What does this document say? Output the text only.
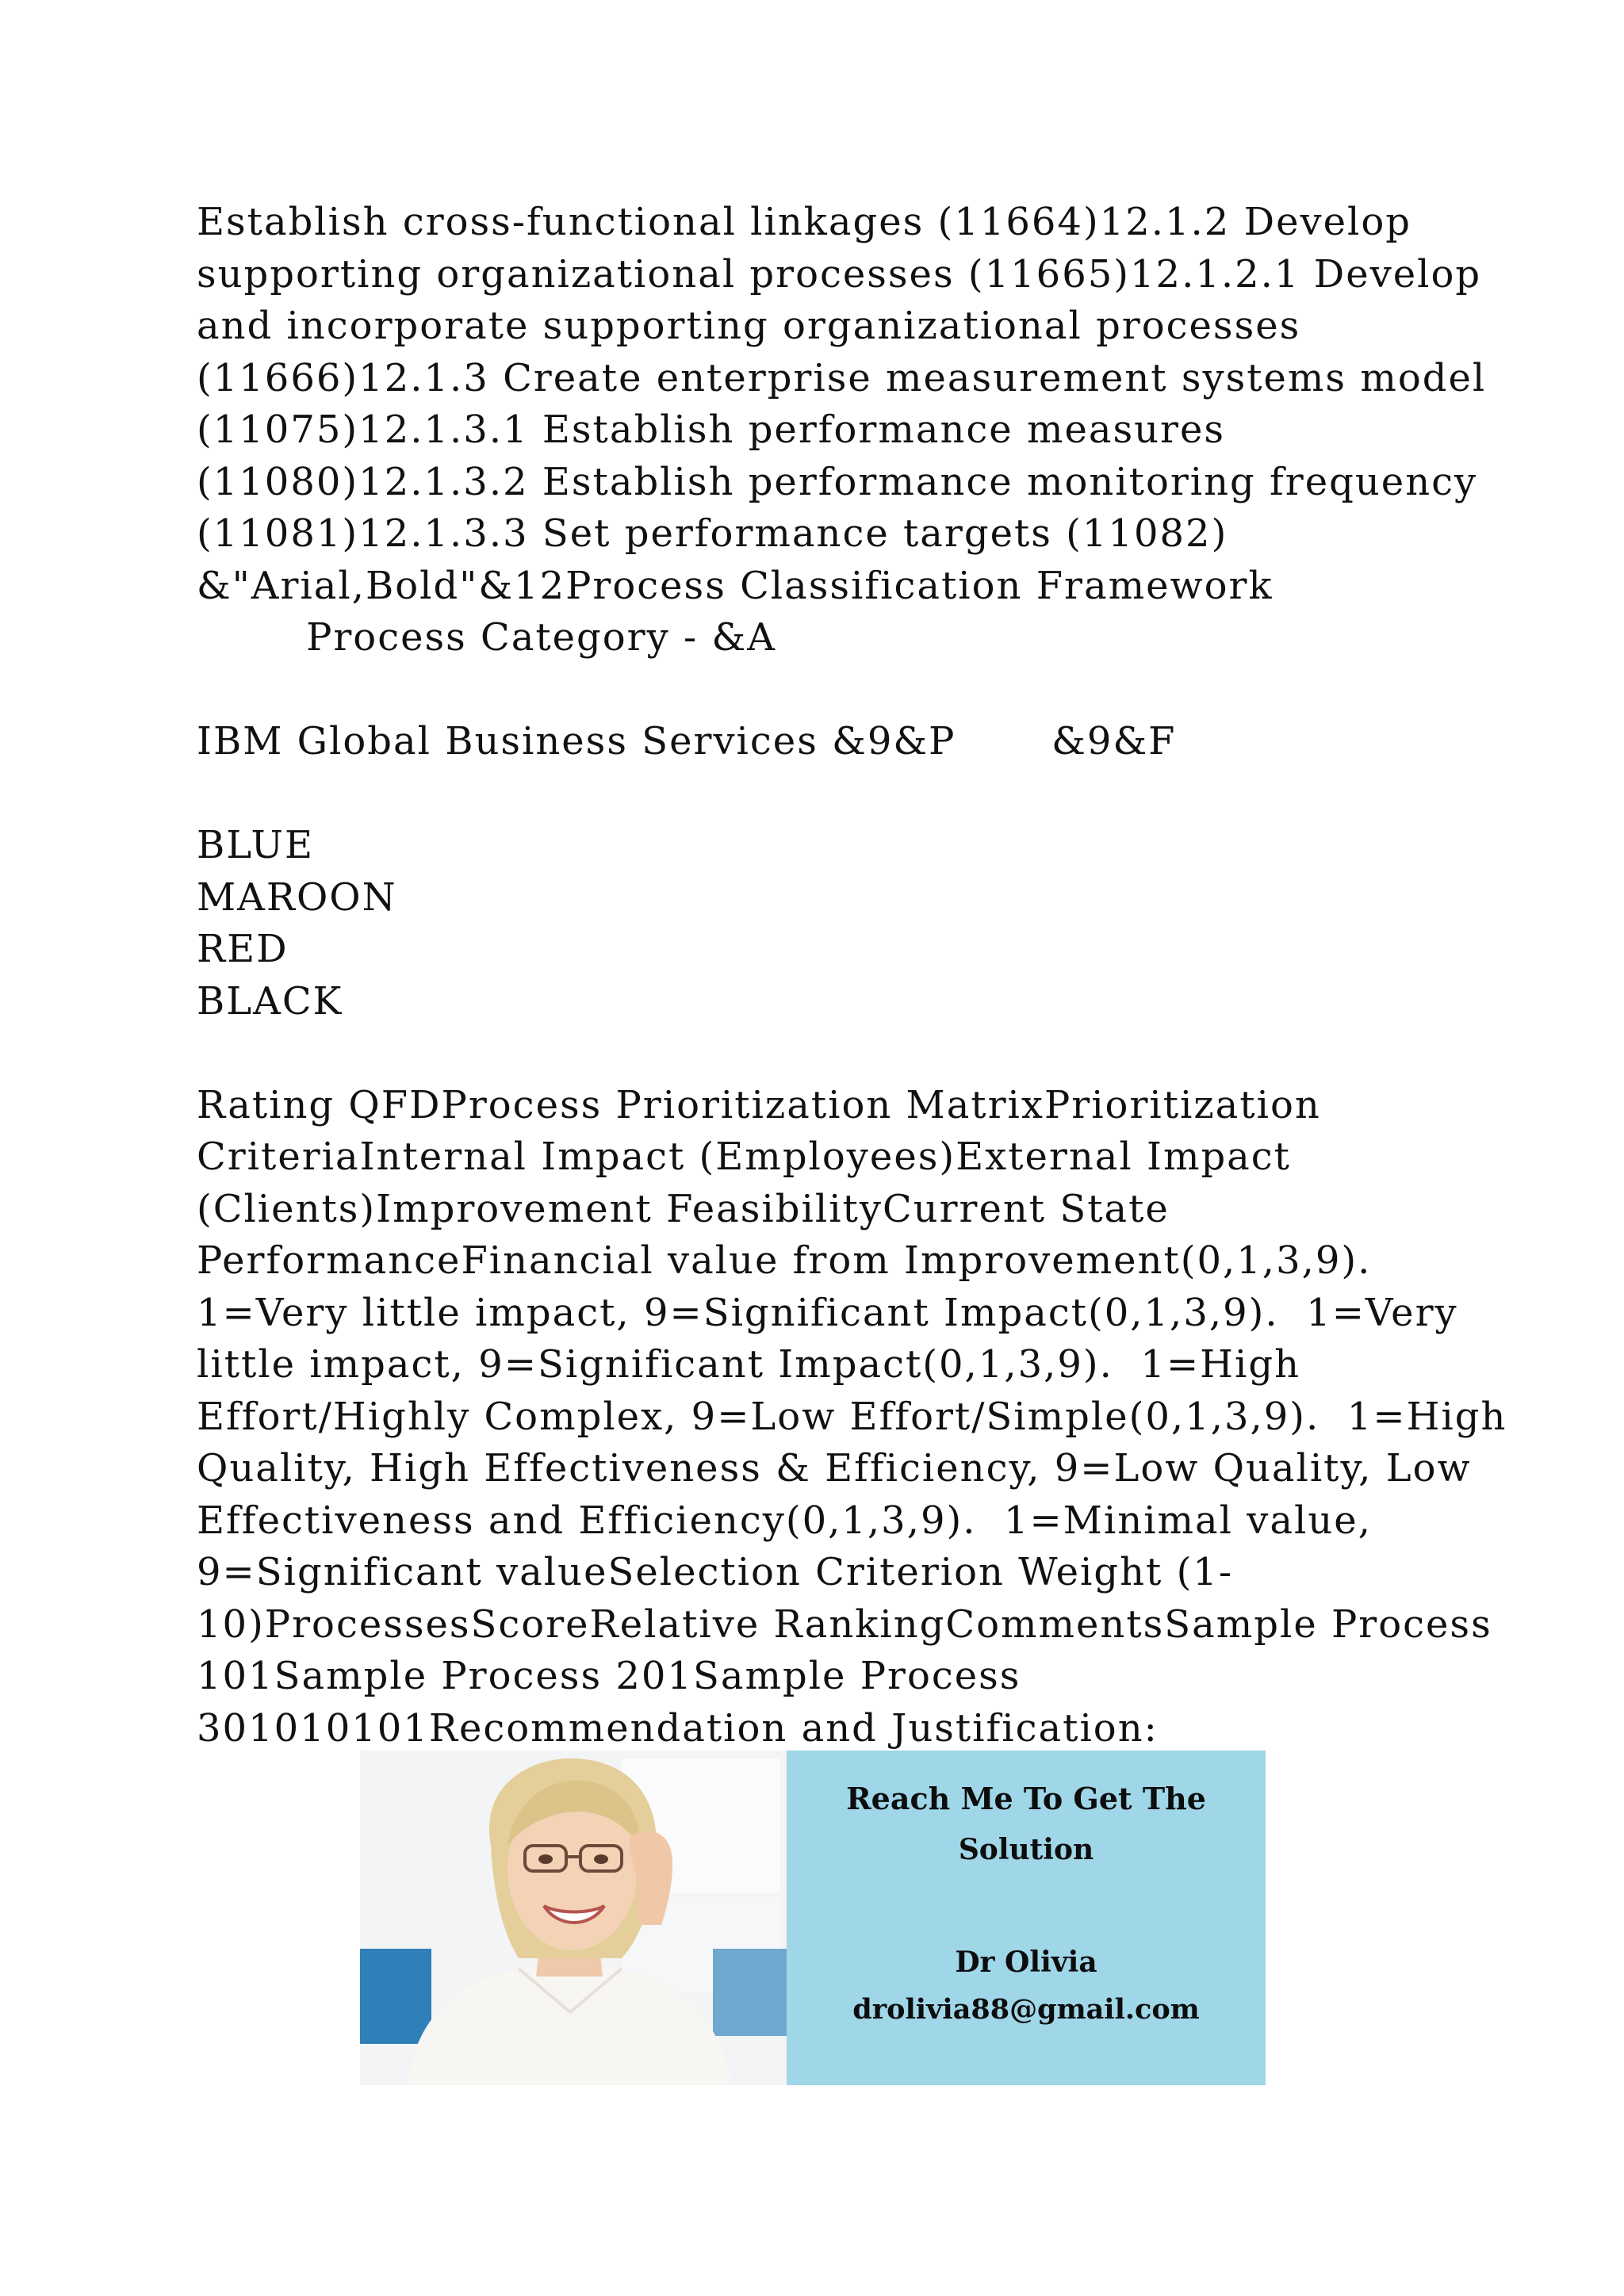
Establish cross-functional linkages (11664)12.1.2 Develop
supporting organizational processes (11665)12.1.2.1 Develop
and incorporate supporting organizational processes
(11666)12.1.3 Create enterprise measurement systems model
(11075)12.1.3.1 Establish performance measures
(11080)12.1.3.2 Establish performance monitoring frequency
(11081)12.1.3.3 Set performance targets (11082)
&"Arial,Bold"&12Process Classification Framework
Process Category - &A
IBM Global Business Services &9&P       &9&F
BLUE
MAROON
RED
BLACK
Rating QFDProcess Prioritization MatrixPrioritization
CriteriaInternal Impact (Employees)External Impact
(Clients)Improvement FeasibilityCurrent State
PerformanceFinancial value from Improvement(0,1,3,9).
1=Very little impact, 9=Significant Impact(0,1,3,9).  1=Very
little impact, 9=Significant Impact(0,1,3,9).  1=High
Effort/Highly Complex, 9=Low Effort/Simple(0,1,3,9).  1=High
Quality, High Effectiveness & Efficiency, 9=Low Quality, Low
Effectiveness and Efficiency(0,1,3,9).  1=Minimal value,
9=Significant valueSelection Criterion Weight (1-
10)ProcessesScoreRelative RankingCommentsSample Process
101Sample Process 201Sample Process
301010101Recommendation and Justification:
Reach Me To Get The
Solution
Dr Olivia
drolivia88@gmail.com
